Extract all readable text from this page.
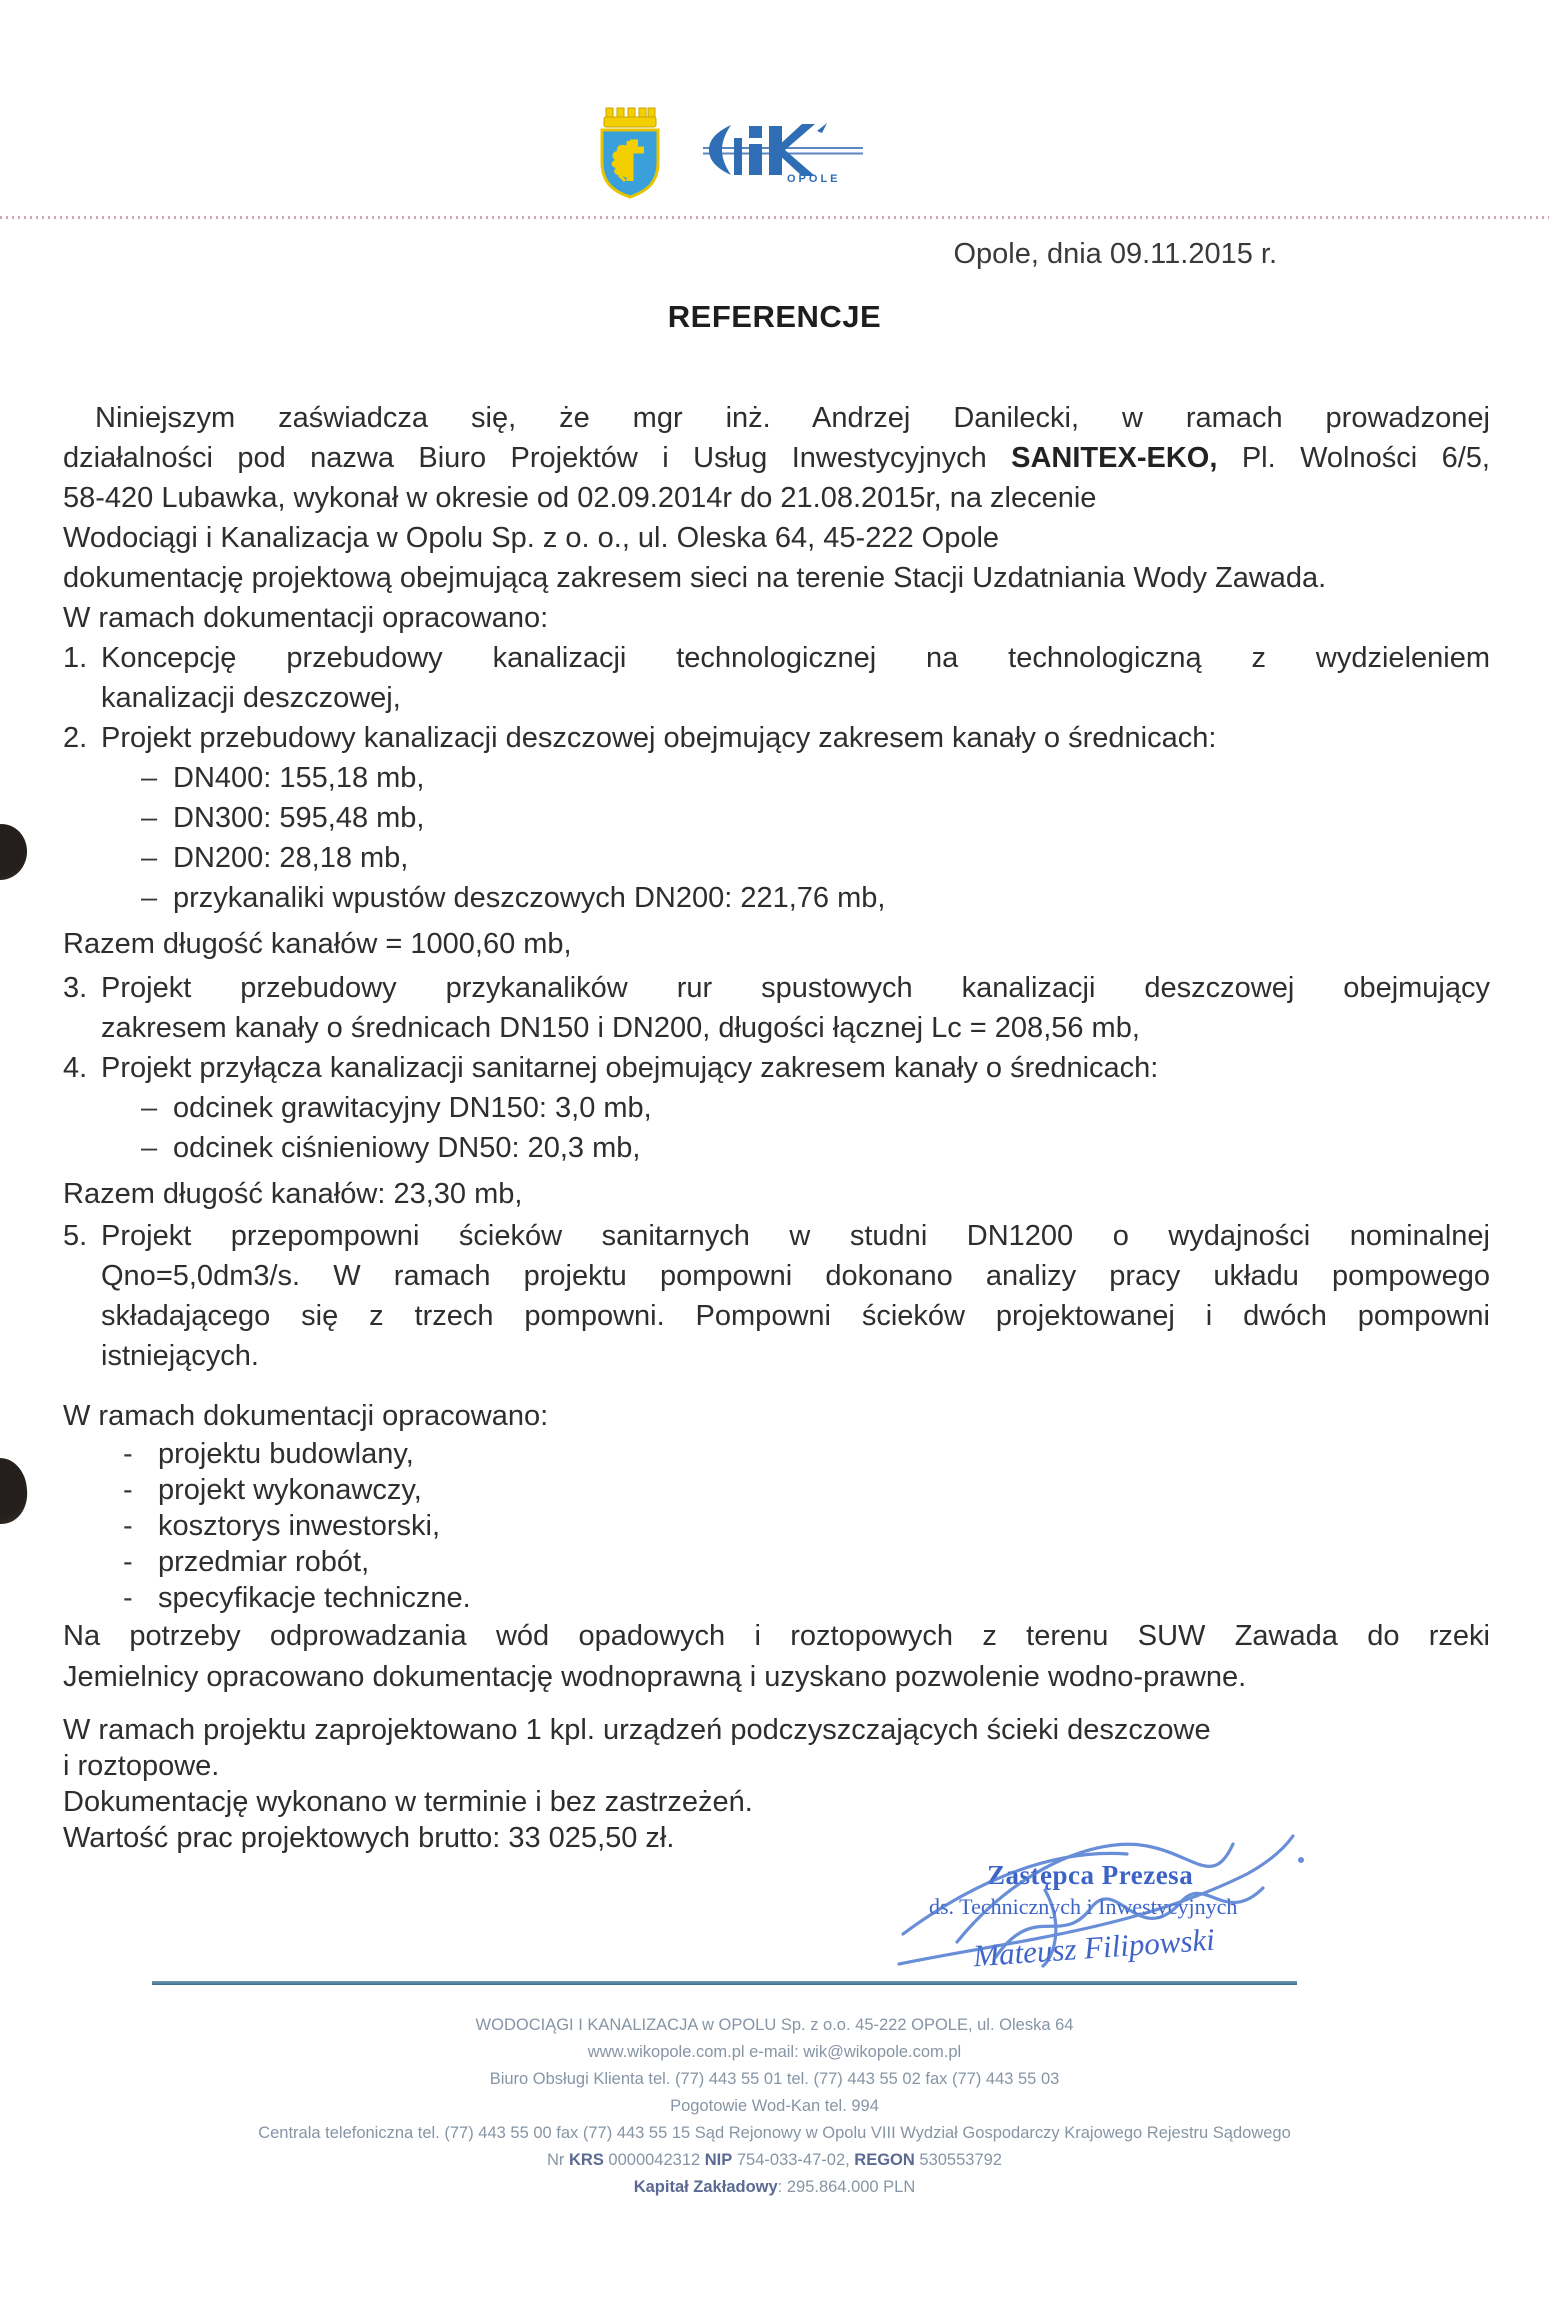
OPOLE
Opole, dnia 09.11.2015 r.
REFERENCJE
Niniejszym zaświadcza się, że mgr inż. Andrzej Danilecki, w ramach prowadzonej
działalności pod nazwa Biuro Projektów i Usług Inwestycyjnych SANITEX-EKO, Pl. Wolności 6/5,
58-420 Lubawka, wykonał w okresie od 02.09.2014r do 21.08.2015r, na zlecenie
Wodociągi i Kanalizacja w Opolu Sp. z o. o., ul. Oleska 64, 45-222 Opole
dokumentację projektową obejmującą zakresem sieci na terenie Stacji Uzdatniania Wody Zawada.
W ramach dokumentacji opracowano:
1. Koncepcję przebudowy kanalizacji technologicznej na technologiczną z wydzieleniem
kanalizacji deszczowej,
2. Projekt przebudowy kanalizacji deszczowej obejmujący zakresem kanały o średnicach:
– DN400: 155,18 mb,
– DN300: 595,48 mb,
– DN200: 28,18 mb,
– przykanaliki wpustów deszczowych DN200: 221,76 mb,
Razem długość kanałów = 1000,60 mb,
3. Projekt przebudowy przykanalików rur spustowych kanalizacji deszczowej obejmujący
zakresem kanały o średnicach DN150 i DN200, długości łącznej Lc = 208,56 mb,
4. Projekt przyłącza kanalizacji sanitarnej obejmujący zakresem kanały o średnicach:
– odcinek grawitacyjny DN150: 3,0 mb,
– odcinek ciśnieniowy DN50: 20,3 mb,
Razem długość kanałów: 23,30 mb,
5. Projekt przepompowni ścieków sanitarnych w studni DN1200 o wydajności nominalnej
Qno=5,0dm3/s. W ramach projektu pompowni dokonano analizy pracy układu pompowego
składającego się z trzech pompowni. Pompowni ścieków projektowanej i dwóch pompowni
istniejących.
W ramach dokumentacji opracowano:
- projektu budowlany,
- projekt wykonawczy,
- kosztorys inwestorski,
- przedmiar robót,
- specyfikacje techniczne.
Na potrzeby odprowadzania wód opadowych i roztopowych z terenu SUW Zawada do rzeki
Jemielnicy opracowano dokumentację wodnoprawną i uzyskano pozwolenie wodno-prawne.
W ramach projektu zaprojektowano 1 kpl. urządzeń podczyszczających ścieki deszczowe
i roztopowe.
Dokumentację wykonano w terminie i bez zastrzeżeń.
Wartość prac projektowych brutto: 33 025,50 zł.
Zastępca Prezesa
ds. Technicznych i Inwestycyjnych
Mateusz Filipowski
WODOCIĄGI I KANALIZACJA w OPOLU Sp. z o.o. 45-222 OPOLE, ul. Oleska 64
www.wikopole.com.pl e-mail: wik@wikopole.com.pl
Biuro Obsługi Klienta tel. (77) 443 55 01 tel. (77) 443 55 02 fax (77) 443 55 03
Pogotowie Wod-Kan tel. 994
Centrala telefoniczna tel. (77) 443 55 00 fax (77) 443 55 15 Sąd Rejonowy w Opolu VIII Wydział Gospodarczy Krajowego Rejestru Sądowego
Nr KRS 0000042312 NIP 754-033-47-02, REGON 530553792
Kapitał Zakładowy: 295.864.000 PLN
